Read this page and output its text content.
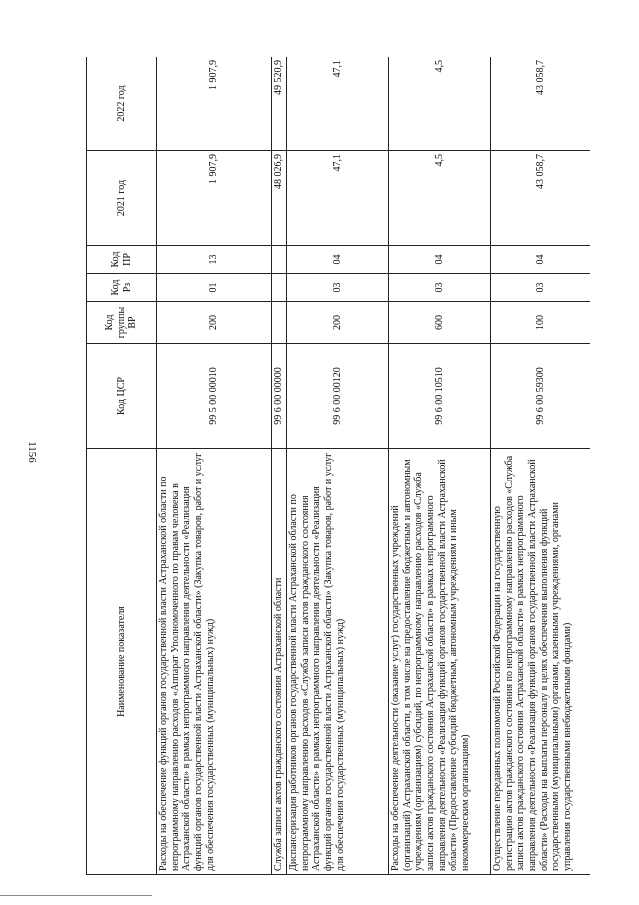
1156
Наименование показателя	Код ЦСР	Код группы ВР	Код Рз	Код ПР	2021 год	2022 год
Расходы на обеспечение функций органов государственной власти Астраханской области по непрограммному направлению расходов «Аппарат Уполномоченного по правам человека в Астраханской области» в рамках непрограммного направления деятельности «Реализация функций органов государственной власти Астраханской области» (Закупка товаров, работ и услуг для обеспечения государственных (муниципальных) нужд)	99 5 00 00010	200	01	13	1 907,9	1 907,9
Служба записи актов гражданского состояния Астраханской области	99 6 00 00000				48 026,9	49 520,9
Диспансеризация работников органов государственной власти Астраханской области по непрограммному направлению расходов «Служба записи актов гражданского состояния Астраханской области» в рамках непрограммного направления деятельности «Реализация функций органов государственной власти Астраханской области» (Закупка товаров, работ и услуг для обеспечения государственных (муниципальных) нужд)	99 6 00 00120	200	03	04	47,1	47,1
Расходы на обеспечение деятельности (оказание услуг) государственных учреждений (организаций) Астраханской области, в том числе на предоставление бюджетным и автономным учреждениям (организациям) субсидий, по непрограммному направлению расходов «Служба записи актов гражданского состояния Астраханской области» в рамках непрограммного направления деятельности «Реализация функций органов государственной власти Астраханской области» (Предоставление субсидий бюджетным, автономным учреждениям и иным некоммерческим организациям)	99 6 00 10510	600	03	04	4,5	4,5
Осуществление переданных полномочий Российской Федерации на государственную регистрацию актов гражданского состояния по непрограммному направлению расходов «Служба записи актов гражданского состояния Астраханской области» в рамках непрограммного направления деятельности «Реализация функций органов государственной власти Астраханской области» (Расходы на выплаты персоналу в целях обеспечения выполнения функций государственными (муниципальными) органами, казенными учреждениями, органами управления государственными внебюджетными фондами)	99 6 00 59300	100	03	04	43 058,7	43 058,7
